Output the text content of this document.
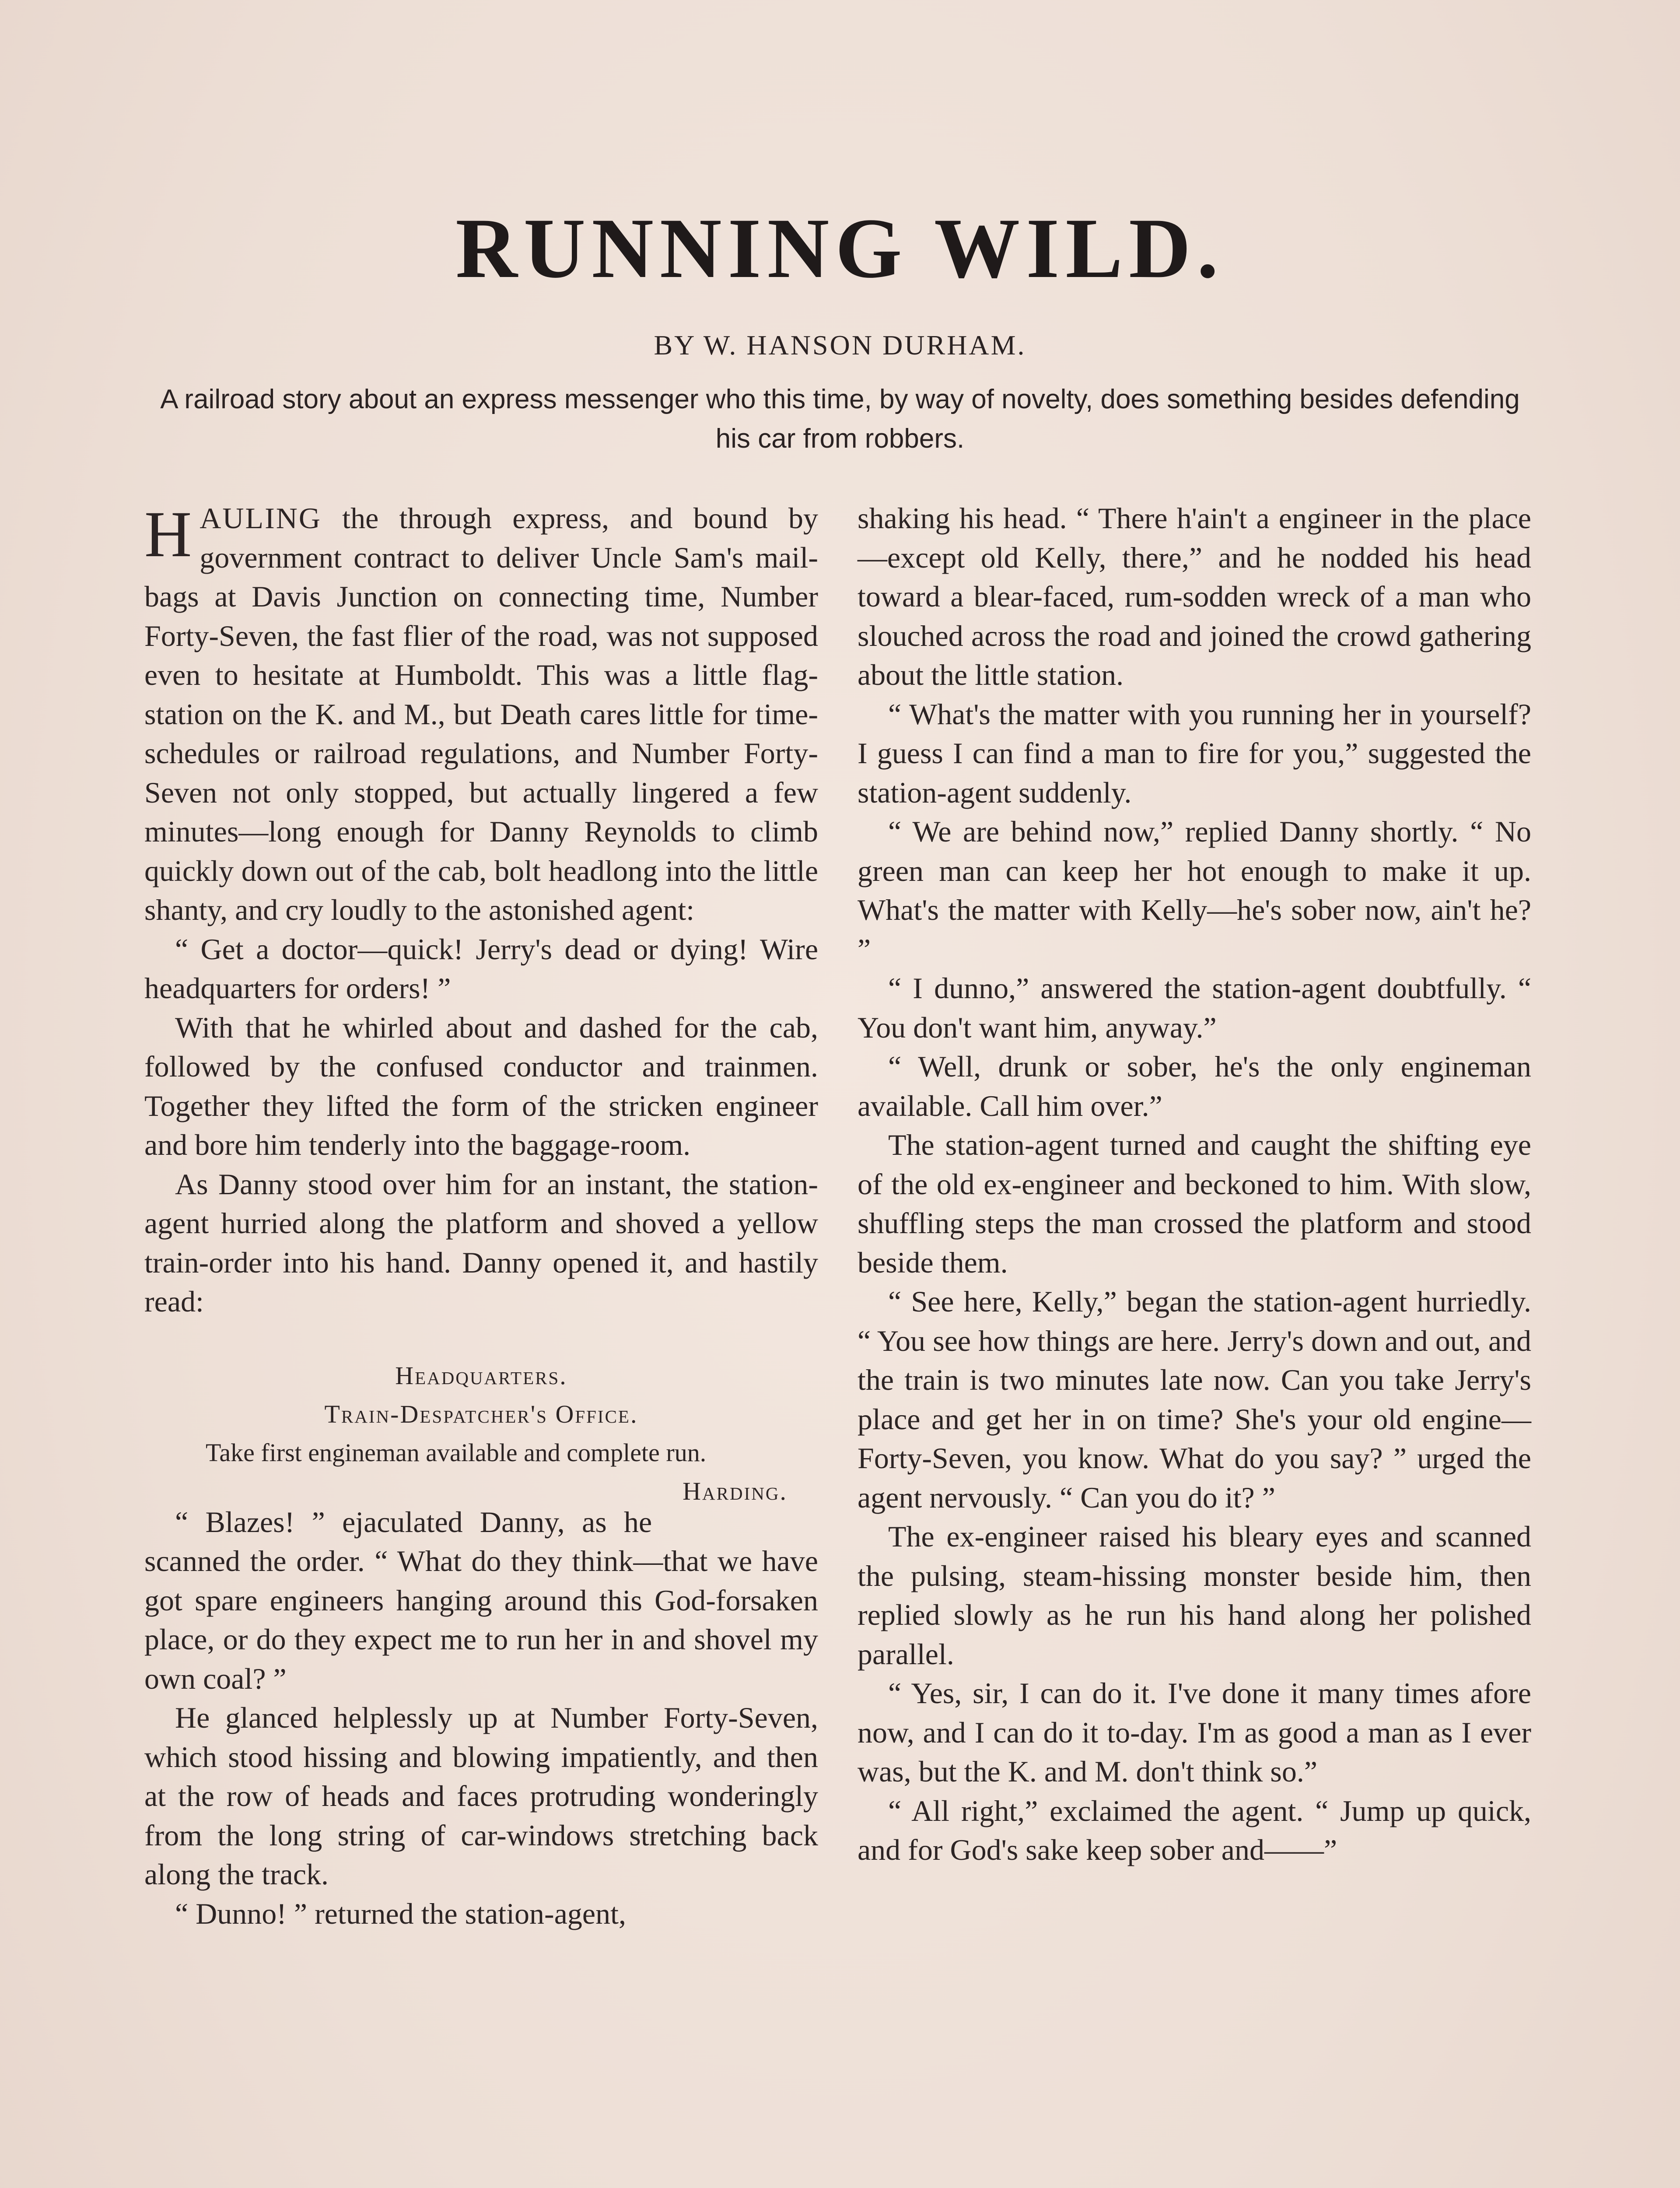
RUNNING WILD.

BY W. HANSON DURHAM.

A railroad story about an express messenger who this time, by way of novelty, does something besides defending his car from robbers.

HAULING the through express, and bound by government contract to deliver Uncle Sam's mail-bags at Davis Junction on connecting time, Number Forty-Seven, the fast flier of the road, was not supposed even to hesitate at Humboldt. This was a little flag-station on the K. and M., but Death cares little for time-schedules or railroad regulations, and Number Forty-Seven not only stopped, but actually lingered a few minutes—long enough for Danny Reynolds to climb quickly down out of the cab, bolt headlong into the little shanty, and cry loudly to the astonished agent:

“ Get a doctor—quick! Jerry's dead or dying! Wire headquarters for orders! ”

With that he whirled about and dashed for the cab, followed by the confused conductor and trainmen. Together they lifted the form of the stricken engineer and bore him tenderly into the baggage-room.

As Danny stood over him for an instant, the station-agent hurried along the platform and shoved a yellow train-order into his hand. Danny opened it, and hastily read:

Headquarters.
Train-Despatcher's Office.
Take first engineman available and complete run.
Harding.

“ Blazes! ” ejaculated Danny, as he scanned the order. “ What do they think—that we have got spare engineers hanging around this God-forsaken place, or do they expect me to run her in and shovel my own coal? ”

He glanced helplessly up at Number Forty-Seven, which stood hissing and blowing impatiently, and then at the row of heads and faces protruding wonderingly from the long string of car-windows stretching back along the track.

“ Dunno! ” returned the station-agent,

shaking his head. “ There h'ain't a engineer in the place—except old Kelly, there,” and he nodded his head toward a blear-faced, rum-sodden wreck of a man who slouched across the road and joined the crowd gathering about the little station.

“ What's the matter with you running her in yourself? I guess I can find a man to fire for you,” suggested the station-agent suddenly.

“ We are behind now,” replied Danny shortly. “ No green man can keep her hot enough to make it up. What's the matter with Kelly—he's sober now, ain't he? ”

“ I dunno,” answered the station-agent doubtfully. “ You don't want him, anyway.”

“ Well, drunk or sober, he's the only engineman available. Call him over.”

The station-agent turned and caught the shifting eye of the old ex-engineer and beckoned to him. With slow, shuffling steps the man crossed the platform and stood beside them.

“ See here, Kelly,” began the station-agent hurriedly. “ You see how things are here. Jerry's down and out, and the train is two minutes late now. Can you take Jerry's place and get her in on time? She's your old engine—Forty-Seven, you know. What do you say? ” urged the agent nervously. “ Can you do it? ”

The ex-engineer raised his bleary eyes and scanned the pulsing, steam-hissing monster beside him, then replied slowly as he run his hand along her polished parallel.

“ Yes, sir, I can do it. I've done it many times afore now, and I can do it to-day. I'm as good a man as I ever was, but the K. and M. don't think so.”

“ All right,” exclaimed the agent. “ Jump up quick, and for God's sake keep sober and——”
